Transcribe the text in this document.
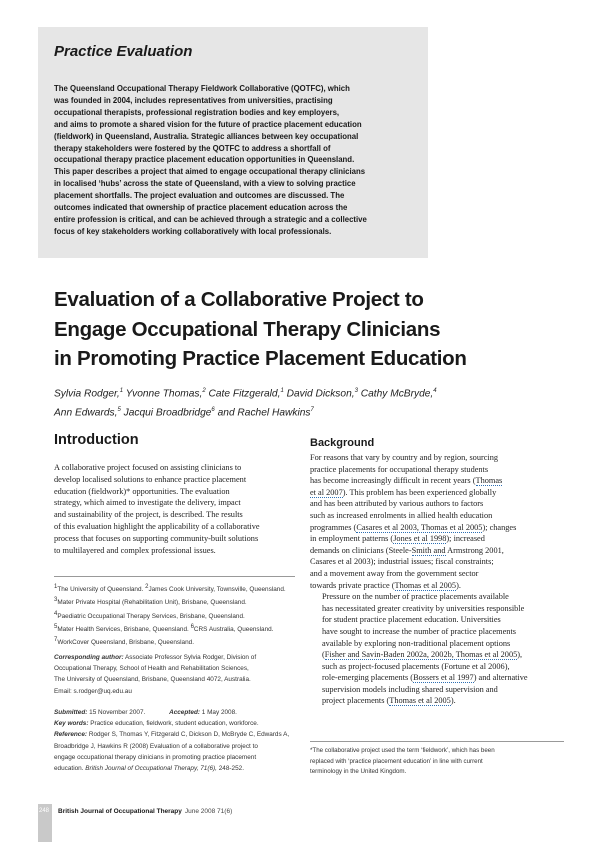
Practice Evaluation
The Queensland Occupational Therapy Fieldwork Collaborative (QOTFC), which
was founded in 2004, includes representatives from universities, practising
occupational therapists, professional registration bodies and key employers,
and aims to promote a shared vision for the future of practice placement education
(fieldwork) in Queensland, Australia. Strategic alliances between key occupational
therapy stakeholders were fostered by the QOTFC to address a shortfall of
occupational therapy practice placement education opportunities in Queensland.
This paper describes a project that aimed to engage occupational therapy clinicians
in localised ‘hubs’ across the state of Queensland, with a view to solving practice
placement shortfalls. The project evaluation and outcomes are discussed. The
outcomes indicated that ownership of practice placement education across the
entire profession is critical, and can be achieved through a strategic and a collective
focus of key stakeholders working collaboratively with local professionals.
Evaluation of a Collaborative Project to
Engage Occupational Therapy Clinicians
in Promoting Practice Placement Education
Sylvia Rodger,$^1$ Yvonne Thomas,$^2$ Cate Fitzgerald,$^1$ David Dickson,$^3$ Cathy McBryde,$^4$
Ann Edwards,$^5$ Jacqui Broadbridge$^6$ and Rachel Hawkins$^7$
Introduction
A collaborative project focused on assisting clinicians to
develop localised solutions to enhance practice placement
education (fieldwork)* opportunities. The evaluation
strategy, which aimed to investigate the delivery, impact
and sustainability of the project, is described. The results
of this evaluation highlight the applicability of a collaborative
process that focuses on supporting community-built solutions
to multilayered and complex professional issues.
$^1$The University of Queensland. $^2$James Cook University, Townsville, Queensland.
$^3$Mater Private Hospital (Rehabilitation Unit), Brisbane, Queensland.
$^4$Paediatric Occupational Therapy Services, Brisbane, Queensland.
$^5$Mater Health Services, Brisbane, Queensland. $^6$CRS Australia, Queensland.
$^7$WorkCover Queensland, Brisbane, Queensland.
Corresponding author: Associate Professor Sylvia Rodger, Division of
Occupational Therapy, School of Health and Rehabilitation Sciences,
The University of Queensland, Brisbane, Queensland 4072, Australia.
Email: s.rodger@uq.edu.au
Submitted: 15 November 2007.	Accepted: 1 May 2008.
Key words: Practice education, fieldwork, student education, workforce.
Reference: Rodger S, Thomas Y, Fitzgerald C, Dickson D, McBryde C, Edwards A,
Broadbridge J, Hawkins R (2008) Evaluation of a collaborative project to
engage occupational therapy clinicians in promoting practice placement
education. British Journal of Occupational Therapy, 71(6), 248-252.
Background

For reasons that vary by country and by region, sourcing
practice placements for occupational therapy students
has become increasingly difficult in recent years (Thomas
et al 2007). This problem has been experienced globally
and has been attributed by various authors to factors
such as increased enrolments in allied health education
programmes (Casares et al 2003, Thomas et al 2005); changes
in employment patterns (Jones et al 1998); increased
demands on clinicians (Steele-Smith and Armstrong 2001,
Casares et al 2003); industrial issues; fiscal constraints;
and a movement away from the government sector
towards private practice (Thomas et al 2005).

Pressure on the number of practice placements available
has necessitated greater creativity by universities responsible
for student practice placement education. Universities
have sought to increase the number of practice placements
available by exploring non-traditional placement options
(Fisher and Savin-Baden 2002a, 2002b, Thomas et al 2005),
such as project-focused placements (Fortune et al 2006),
role-emerging placements (Bossers et al 1997) and alternative
supervision models including shared supervision and
project placements (Thomas et al 2005).

*The collaborative project used the term ‘fieldwork’, which has been
replaced with ‘practice placement education’ in line with current
terminology in the United Kingdom.
248 British Journal of Occupational Therapy June 2008 71(6)
